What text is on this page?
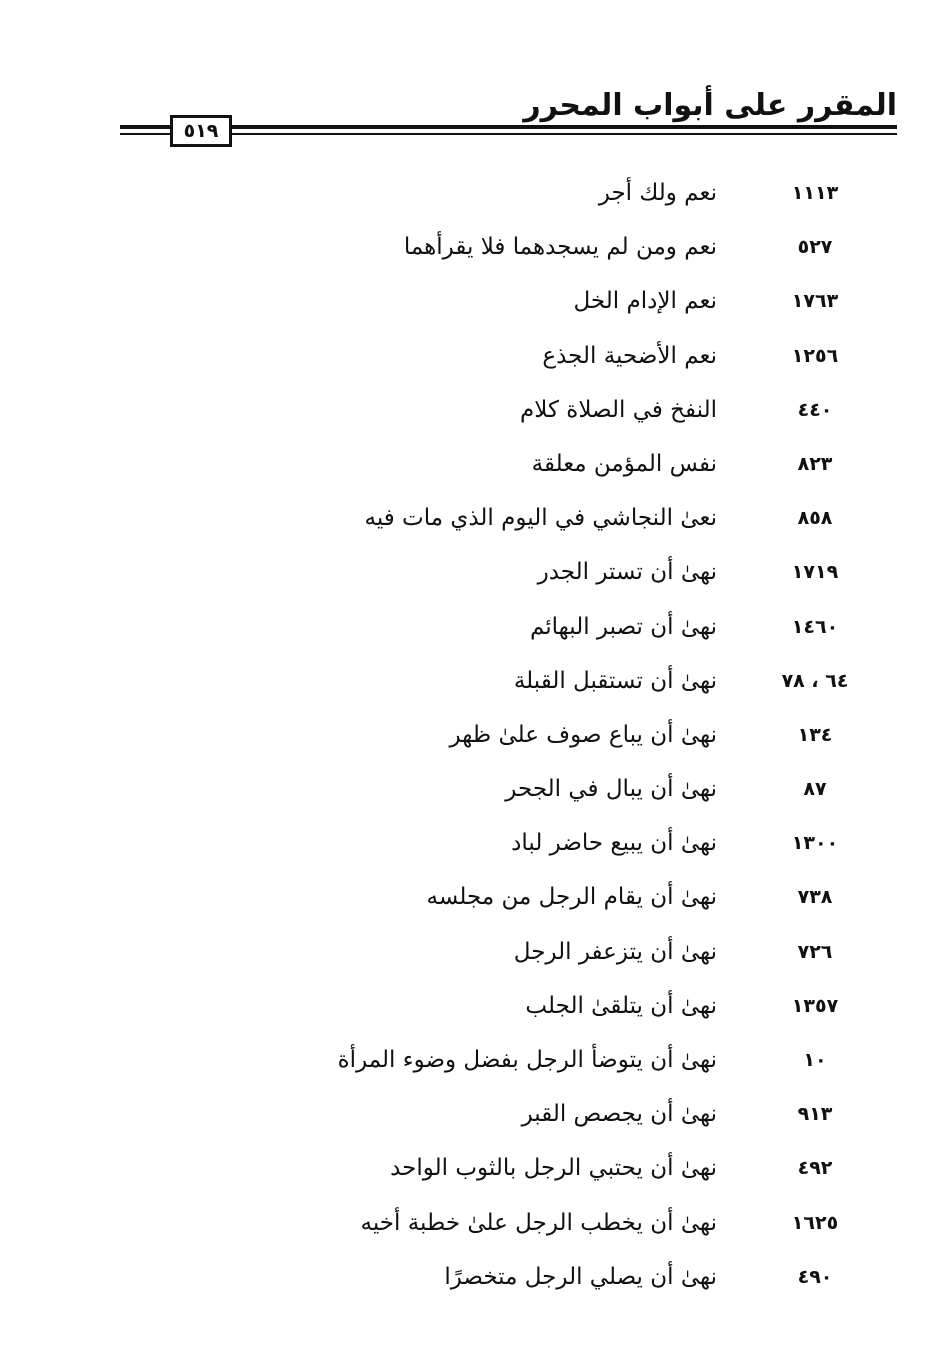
المقرر على أبواب المحرر
٥١٩
١١١٣
نعم ولك أجر
٥٢٧
نعم ومن لم يسجدهما فلا يقرأهما
١٧٦٣
نعم الإدام الخل
١٢٥٦
نعم الأضحية الجذع
٤٤٠
النفخ في الصلاة كلام
٨٢٣
نفس المؤمن معلقة
٨٥٨
نعىٰ النجاشي في اليوم الذي مات فيه
١٧١٩
نهىٰ أن تستر الجدر
١٤٦٠
نهىٰ أن تصبر البهائم
٦٤ ، ٧٨
نهىٰ أن تستقبل القبلة
١٣٤
نهىٰ أن يباع صوف علىٰ ظهر
٨٧
نهىٰ أن يبال في الجحر
١٣٠٠
نهىٰ أن يبيع حاضر لباد
٧٣٨
نهىٰ أن يقام الرجل من مجلسه
٧٢٦
نهىٰ أن يتزعفر الرجل
١٣٥٧
نهىٰ أن يتلقىٰ الجلب
١٠
نهىٰ أن يتوضأ الرجل بفضل وضوء المرأة
٩١٣
نهىٰ أن يجصص القبر
٤٩٢
نهىٰ أن يحتبي الرجل بالثوب الواحد
١٦٢٥
نهىٰ أن يخطب الرجل علىٰ خطبة أخيه
٤٩٠
نهىٰ أن يصلي الرجل متخصرًا
